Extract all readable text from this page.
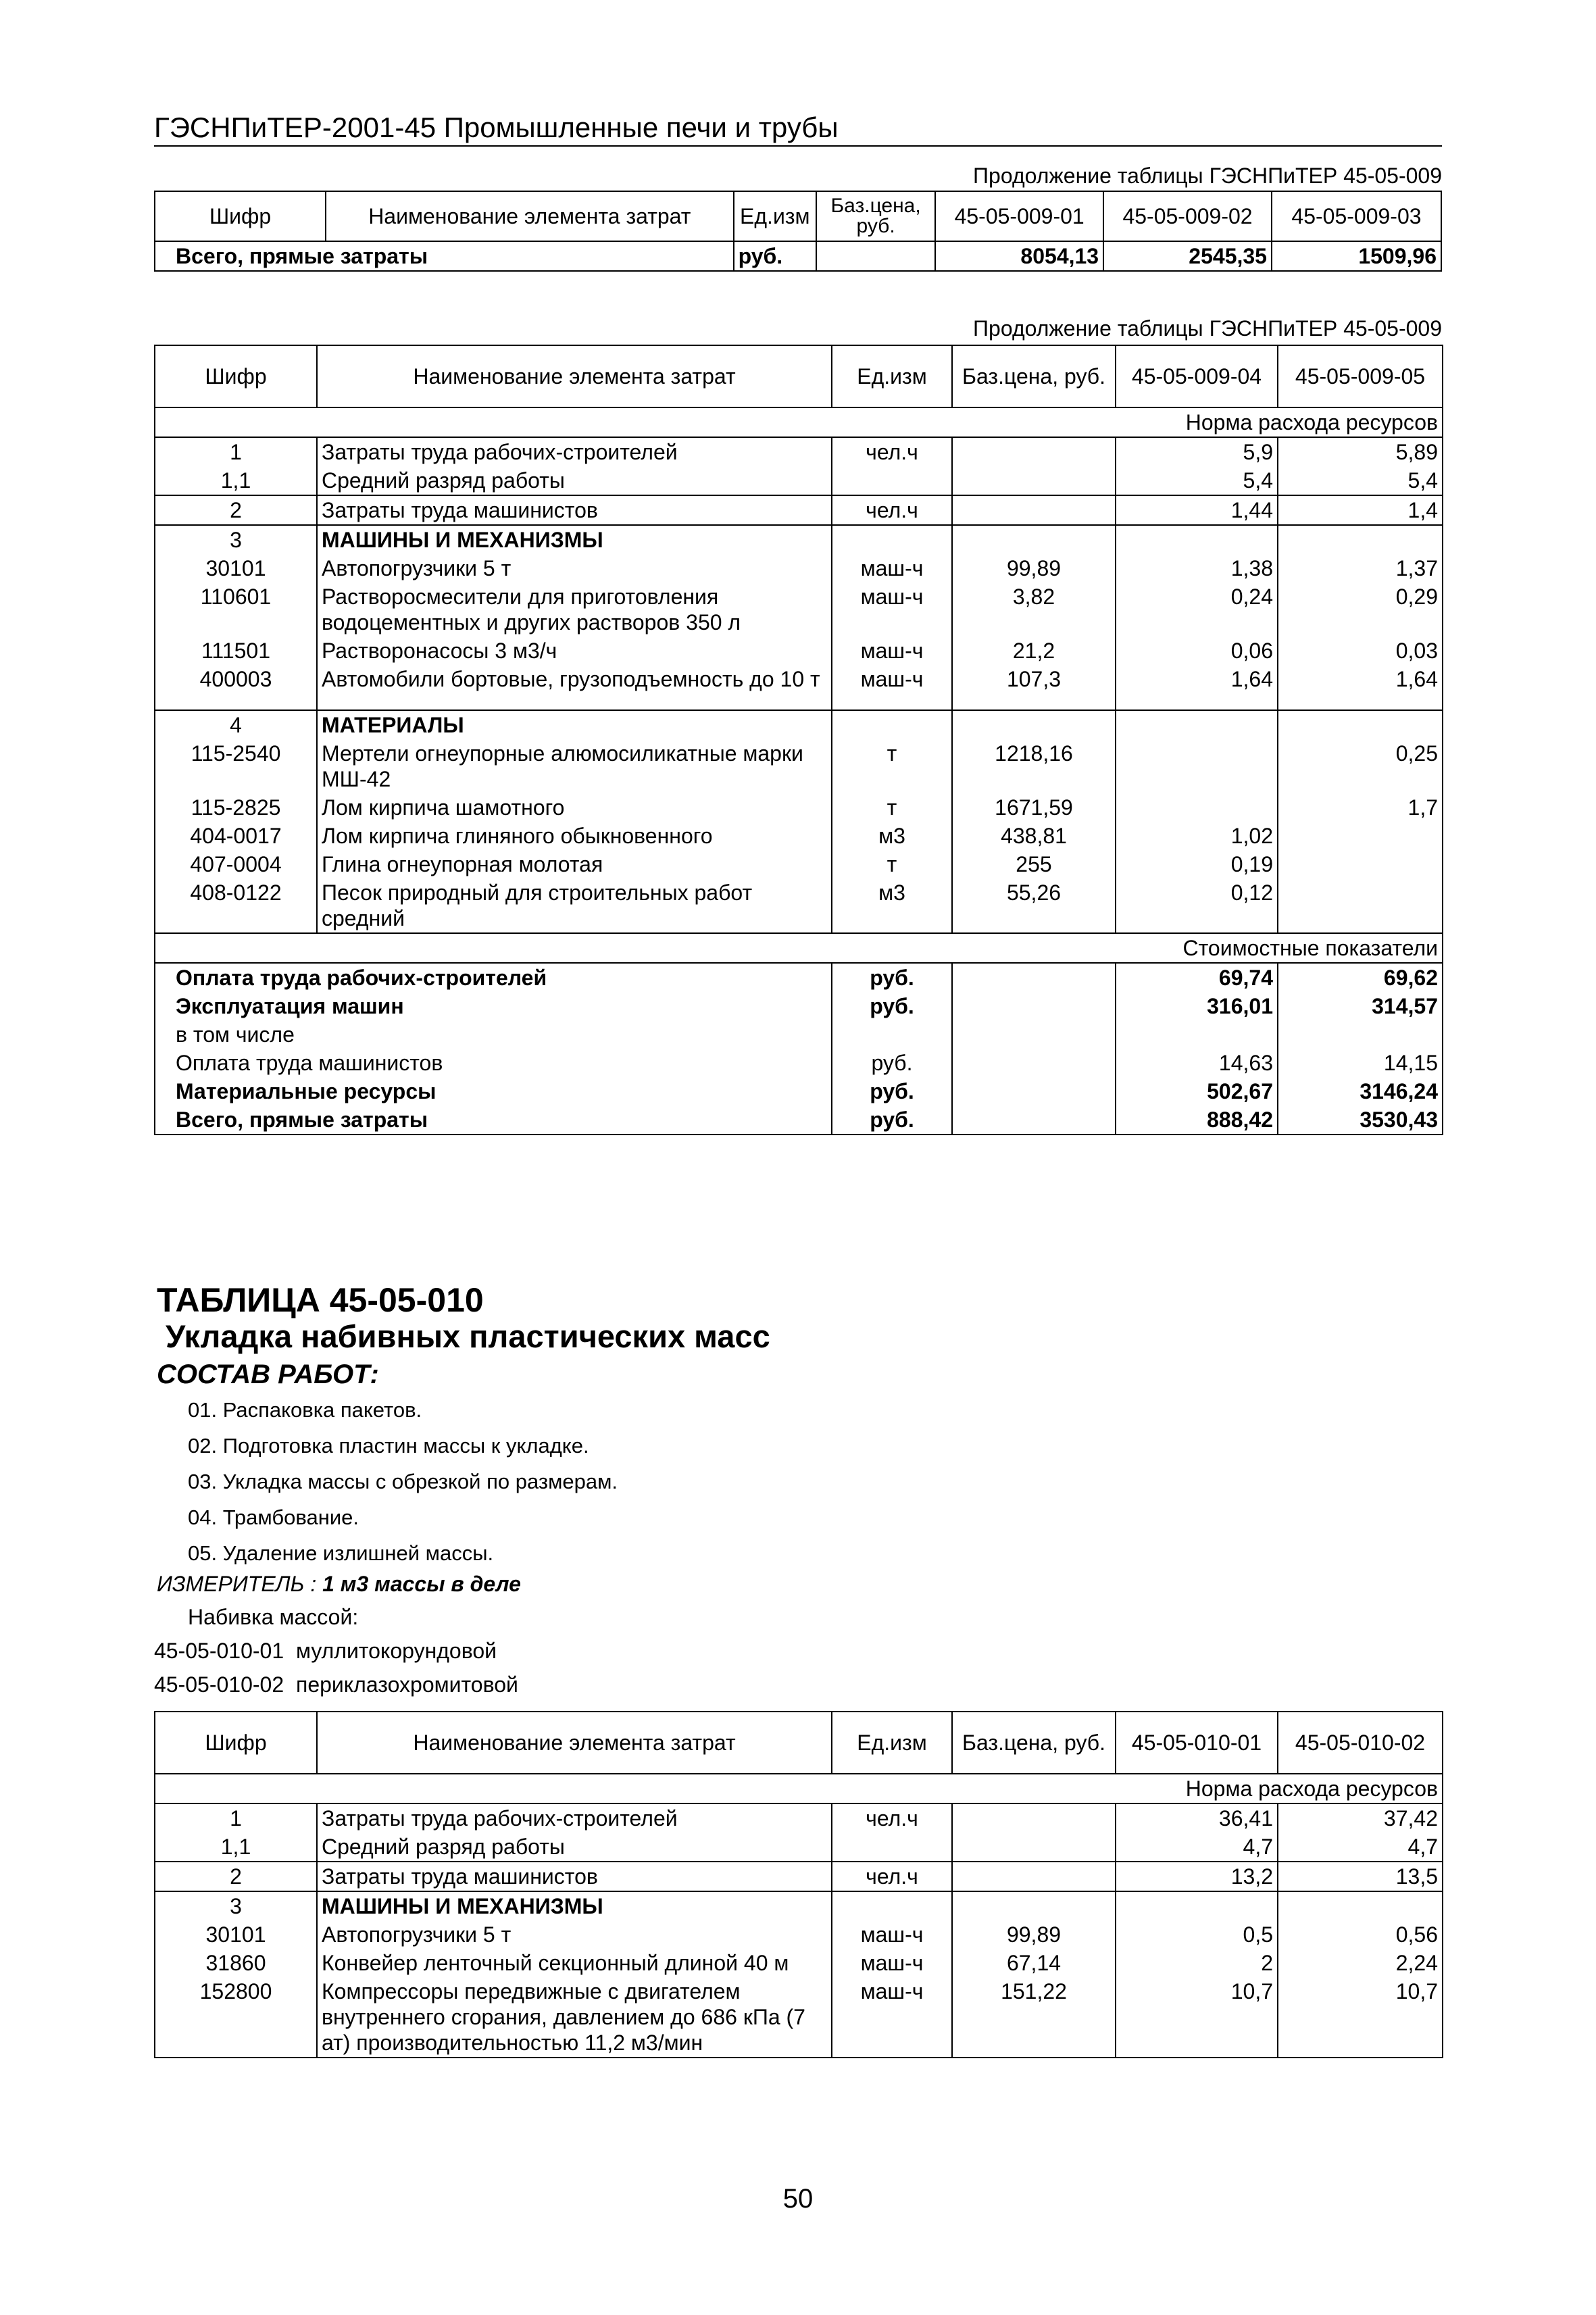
ГЭСНПиТЕР-2001-45 Промышленные печи и трубы
Продолжение таблицы ГЭСНПиТЕР 45-05-009
Шифр	Наименование элемента затрат	Ед.изм	Баз.цена, руб.	45-05-009-01	45-05-009-02	45-05-009-03
Всего, прямые затраты		руб.		8054,13	2545,35	1509,96
Продолжение таблицы ГЭСНПиТЕР 45-05-009
Шифр	Наименование элемента затрат	Ед.изм	Баз.цена, руб.	45-05-009-04	45-05-009-05
Норма расхода ресурсов					
1	Затраты труда рабочих-строителей	чел.ч		5,9	5,89
1,1	Средний разряд работы			5,4	5,4
2	Затраты труда машинистов	чел.ч		1,44	1,4
3	МАШИНЫ И МЕХАНИЗМЫ				
30101	Автопогрузчики 5 т	маш-ч	99,89	1,38	1,37
110601	Растворосмесители для приготовления водоцементных и других растворов 350 л	маш-ч	3,82	0,24	0,29
111501	Растворонасосы 3 м3/ч	маш-ч	21,2	0,06	0,03
400003	Автомобили бортовые, грузоподъемность до 10 т	маш-ч	107,3	1,64	1,64

4	МАТЕРИАЛЫ				
115-2540	Мертели огнеупорные алюмосиликатные марки МШ-42	т	1218,16		0,25
115-2825	Лом кирпича шамотного	т	1671,59		1,7
404-0017	Лом кирпича глиняного обыкновенного	м3	438,81	1,02	
407-0004	Глина огнеупорная молотая	т	255	0,19	
408-0122	Песок природный для строительных работ средний	м3	55,26	0,12	
Стоимостные показатели					
Оплата труда рабочих-строителей		руб.		69,74	69,62
Эксплуатация машин		руб.		316,01	314,57
в том числе					
Оплата труда машинистов		руб.		14,63	14,15
Материальные ресурсы		руб.		502,67	3146,24
Всего, прямые затраты		руб.		888,42	3530,43
ТАБЛИЦА 45-05-010
Укладка набивных пластических масс
СОСТАВ РАБОТ:
01. Распаковка пакетов.
02. Подготовка пластин массы к укладке.
03. Укладка массы с обрезкой по размерам.
04. Трамбование.
05. Удаление излишней массы.
ИЗМЕРИТЕЛЬ : 1 м3 массы в деле
Набивка массой:
45-05-010-01 муллитокорундовой
45-05-010-02 периклазохромитовой
Шифр	Наименование элемента затрат	Ед.изм	Баз.цена, руб.	45-05-010-01	45-05-010-02
Норма расхода ресурсов					
1	Затраты труда рабочих-строителей	чел.ч		36,41	37,42
1,1	Средний разряд работы			4,7	4,7
2	Затраты труда машинистов	чел.ч		13,2	13,5
3	МАШИНЫ И МЕХАНИЗМЫ				
30101	Автопогрузчики 5 т	маш-ч	99,89	0,5	0,56
31860	Конвейер ленточный секционный длиной 40 м	маш-ч	67,14	2	2,24
152800	Компрессоры передвижные с двигателем внутреннего сгорания, давлением до 686 кПа (7 ат) производительностью 11,2 м3/мин	маш-ч	151,22	10,7	10,7
50
